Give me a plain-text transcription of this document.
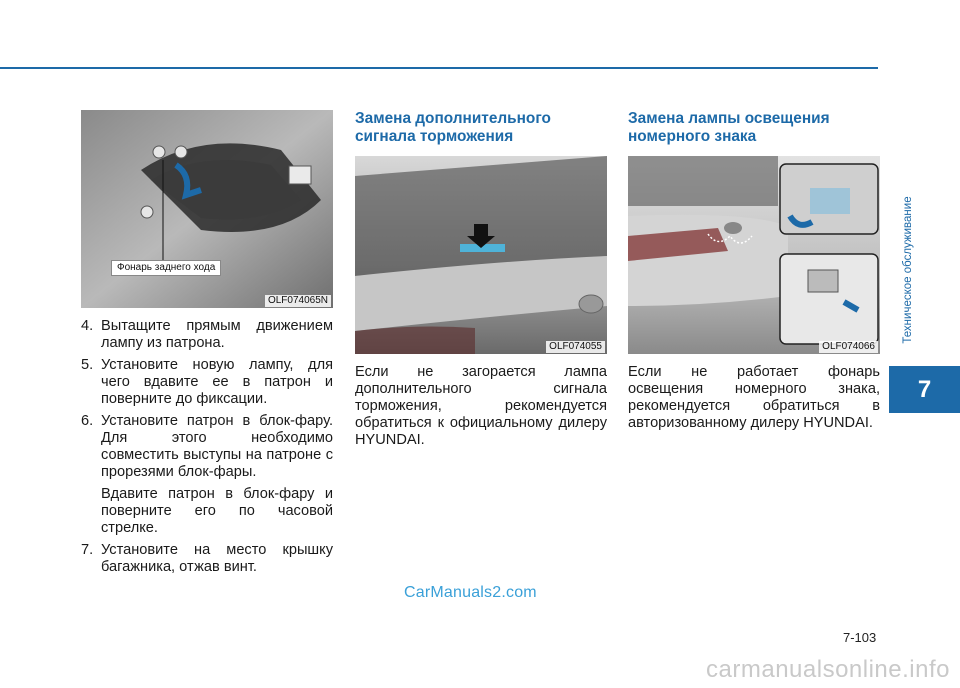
Фонарь заднего хода
OLF074065N
4. Вытащите прямым движением лампу из патрона.

5. Установите новую лампу, для чего вдавите ее в патрон и поверните до фиксации.

6. Установите патрон в блок-фару. Для этого необходимо совместить выступы на патроне с прорезями блок-фары.

Вдавите патрон в блок-фару и поверните его по часовой стрелке.

7. Установите на место крышку багажника, отжав винт.

Замена дополнительного сигнала торможения
OLF074055

Если не загорается лампа дополнительного сигнала торможения, рекомендуется обратиться к официальному дилеру HYUNDAI.

Замена лампы освещения номерного знака
OLF074066

Если не работает фонарь освещения номерного знака, рекомендуется обратиться в авторизованному дилеру HYUNDAI.

Техническое обслуживание
7
CarManuals2.com
7-103
carmanualsonline.info
